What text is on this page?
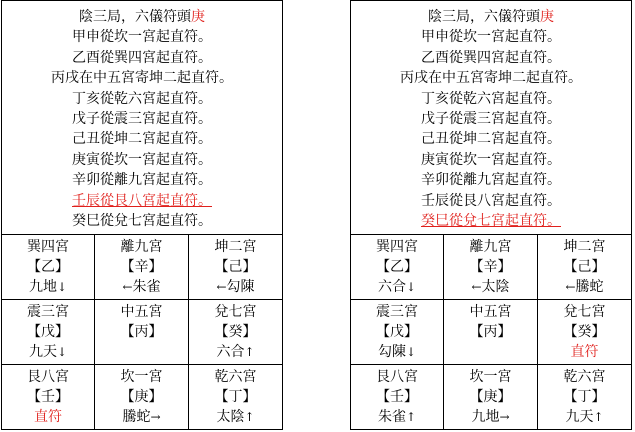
陰三局，六儀符頭庚
甲申從坎一宮起直符。
乙酉從巽四宮起直符。
丙戌在中五宮寄坤二起直符。
丁亥從乾六宮起直符。
戊子從震三宮起直符。
己丑從坤二宮起直符。
庚寅從坎一宮起直符。
辛卯從離九宮起直符。
壬辰從艮八宮起直符。
癸巳從兌七宮起直符。
巽四宮
【乙】
九地↓
離九宮
【辛】
←朱雀
坤二宮
【己】
←勾陳
震三宮
【戊】
九天↓
中五宮
【丙】
兌七宮
【癸】
六合↑
艮八宮
【壬】
直符
坎一宮
【庚】
騰蛇→
乾六宮
【丁】
太陰↑
陰三局，六儀符頭庚
甲申從坎一宮起直符。
乙酉從巽四宮起直符。
丙戌在中五宮寄坤二起直符。
丁亥從乾六宮起直符。
戊子從震三宮起直符。
己丑從坤二宮起直符。
庚寅從坎一宮起直符。
辛卯從離九宮起直符。
壬辰從艮八宮起直符。
癸巳從兌七宮起直符。
巽四宮
【乙】
六合↓
離九宮
【辛】
←太陰
坤二宮
【己】
←騰蛇
震三宮
【戊】
勾陳↓
中五宮
【丙】
兌七宮
【癸】
直符
艮八宮
【壬】
朱雀↑
坎一宮
【庚】
九地→
乾六宮
【丁】
九天↑
